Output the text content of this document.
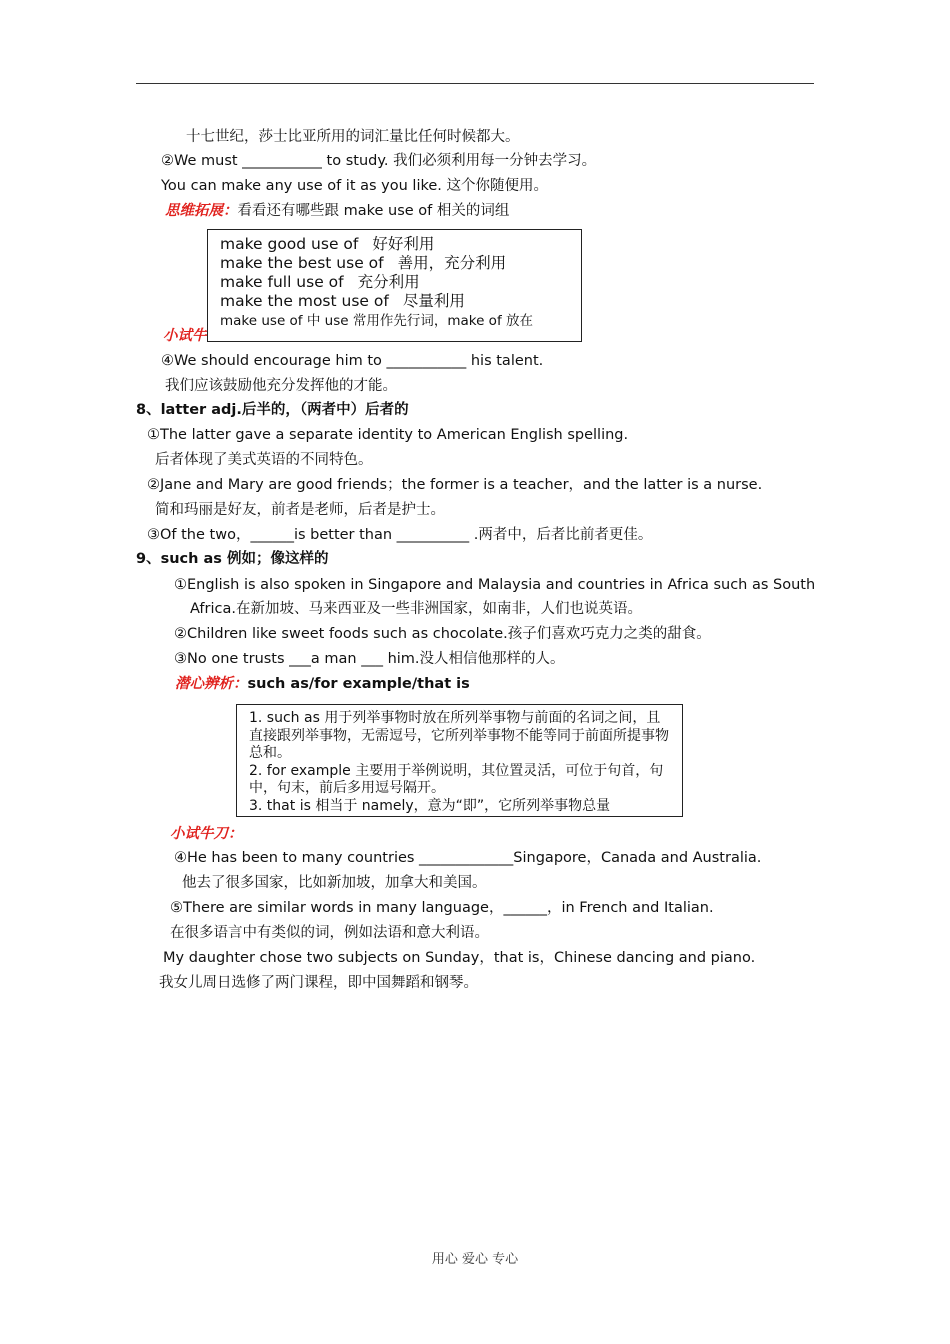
十七世纪，莎士比亚所用的词汇量比任何时候都大。
②We must ___________ to study. 我们必须利用每一分钟去学习。
You can make any use of it as you like. 这个你随便用。
思维拓展：看看还有哪些跟 make use of 相关的词组
小试牛
make good use of 好好利用
make the best use of 善用，充分利用
make full use of 充分利用
make the most use of 尽量利用
make use of 中 use 常用作先行词，make of 放在
④We should encourage him to ___________ his talent.
我们应该鼓励他充分发挥他的才能。
8、latter adj.后半的，（两者中）后者的
①The latter gave a separate identity to American English spelling.
后者体现了美式英语的不同特色。
②Jane and Mary are good friends；the former is a teacher，and the latter is a nurse.
简和玛丽是好友，前者是老师，后者是护士。
③Of the two，______is better than __________ .两者中，后者比前者更佳。
9、such as 例如；像这样的
①English is also spoken in Singapore and Malaysia and countries in Africa such as South
Africa.在新加坡、马来西亚及一些非洲国家，如南非，人们也说英语。
②Children like sweet foods such as chocolate.孩子们喜欢巧克力之类的甜食。
③No one trusts ___a man ___ him.没人相信他那样的人。
潜心辨析：such as/for example/that is

1. such as 用于列举事物时放在所列举事物与前面的名词之间，且直接跟列举事物，无需逗号，它所列举事物不能等同于前面所提事物总和。

2. for example 主要用于举例说明，其位置灵活，可位于句首，句中，句末，前后多用逗号隔开。

3. that is 相当于 namely，意为“即”，它所列举事物总量

小试牛刀：
④He has been to many countries _____________Singapore，Canada and Australia.
他去了很多国家，比如新加坡，加拿大和美国。
⑤There are similar words in many language，______，in French and Italian.
在很多语言中有类似的词，例如法语和意大利语。
My daughter chose two subjects on Sunday，that is，Chinese dancing and piano.
我女儿周日选修了两门课程，即中国舞蹈和钢琴。
用心 爱心 专心
